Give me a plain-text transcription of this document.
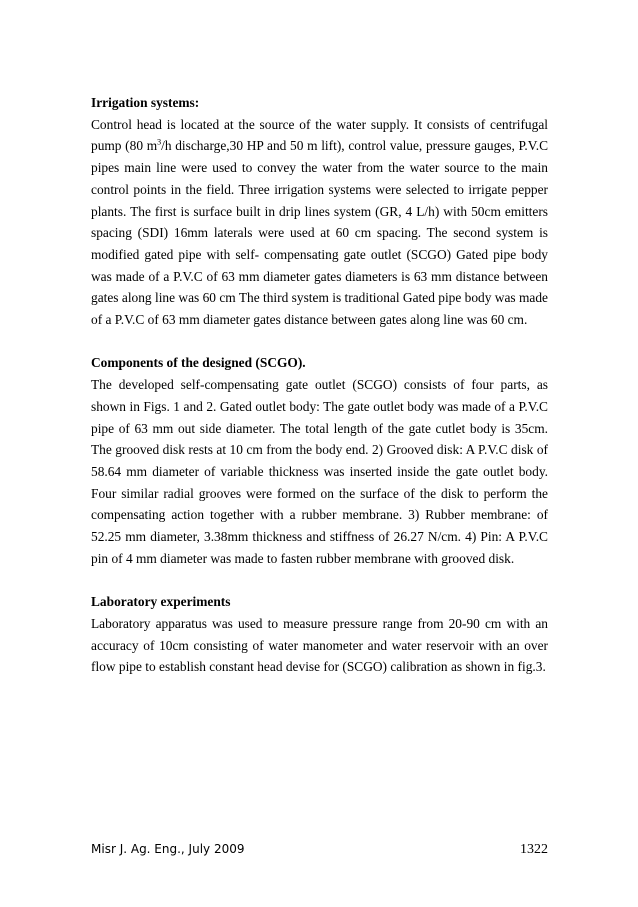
Irrigation systems:

Control head is located at the source of the water supply. It consists of centrifugal pump (80 $m^3/h$ discharge,30 HP and 50 m lift), control value, pressure gauges, P.V.C pipes main line were used to convey the water from the water source to the main control points in the field. Three irrigation systems were selected to irrigate pepper plants. The first is surface built in drip lines system (GR, 4 L/h) with 50cm emitters spacing (SDI) 16mm laterals were used at 60 cm spacing. The second system is modified gated pipe with self- compensating gate outlet (SCGO) Gated pipe body was made of a P.V.C of 63 mm diameter gates diameters is 63 mm distance between gates along line was 60 cm The third system is traditional Gated pipe body was made of a P.V.C of 63 mm diameter gates distance between gates along line was 60 cm.

Components of the designed (SCGO).

The developed self-compensating gate outlet (SCGO) consists of four parts, as shown in Figs. 1 and 2. Gated outlet body: The gate outlet body was made of a P.V.C pipe of 63 mm out side diameter. The total length of the gate cutlet body is 35cm. The grooved disk rests at 10 cm from the body end. 2) Grooved disk: A P.V.C disk of 58.64 mm diameter of variable thickness was inserted inside the gate outlet body. Four similar radial grooves were formed on the surface of the disk to perform the compensating action together with a rubber membrane. 3) Rubber membrane: of 52.25 mm diameter, 3.38mm thickness and stiffness of 26.27 N/cm. 4) Pin: A P.V.C pin of 4 mm diameter was made to fasten rubber membrane with grooved disk.

Laboratory experiments

Laboratory apparatus was used to measure pressure range from 20-90 cm with an accuracy of 10cm consisting of water manometer and water reservoir with an over flow pipe to establish constant head devise for (SCGO) calibration as shown in fig.3.

Misr J. Ag. Eng., July 2009	1322
